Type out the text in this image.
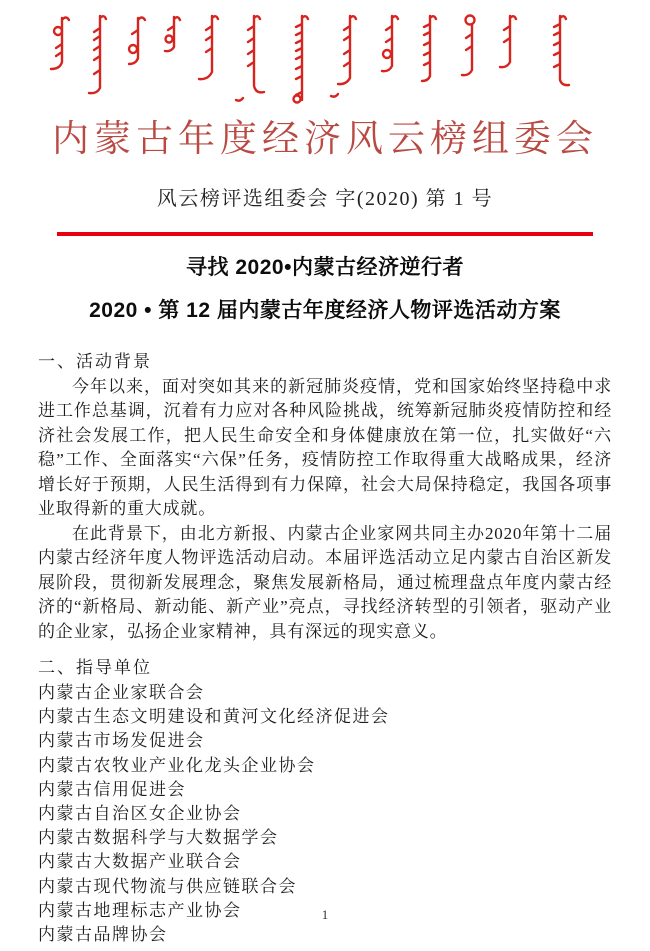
内蒙古年度经济风云榜组委会
风云榜评选组委会 字(2020) 第 1 号
寻找 2020•内蒙古经济逆行者
2020 • 第 12 届内蒙古年度经济人物评选活动方案
一、活动背景
今年以来，面对突如其来的新冠肺炎疫情，党和国家始终坚持稳中求进工作总基调，沉着有力应对各种风险挑战，统筹新冠肺炎疫情防控和经济社会发展工作，把人民生命安全和身体健康放在第一位，扎实做好“六稳”工作、全面落实“六保”任务，疫情防控工作取得重大战略成果，经济增长好于预期，人民生活得到有力保障，社会大局保持稳定，我国各项事业取得新的重大成就。
在此背景下，由北方新报、内蒙古企业家网共同主办2020年第十二届内蒙古经济年度人物评选活动启动。本届评选活动立足内蒙古自治区新发展阶段，贯彻新发展理念，聚焦发展新格局，通过梳理盘点年度内蒙古经济的“新格局、新动能、新产业”亮点，寻找经济转型的引领者，驱动产业的企业家，弘扬企业家精神，具有深远的现实意义。
二、指导单位
内蒙古企业家联合会
内蒙古生态文明建设和黄河文化经济促进会
内蒙古市场发促进会
内蒙古农牧业产业化龙头企业协会
内蒙古信用促进会
内蒙古自治区女企业协会
内蒙古数据科学与大数据学会
内蒙古大数据产业联合会
内蒙古现代物流与供应链联合会
内蒙古地理标志产业协会
内蒙古品牌协会
1
